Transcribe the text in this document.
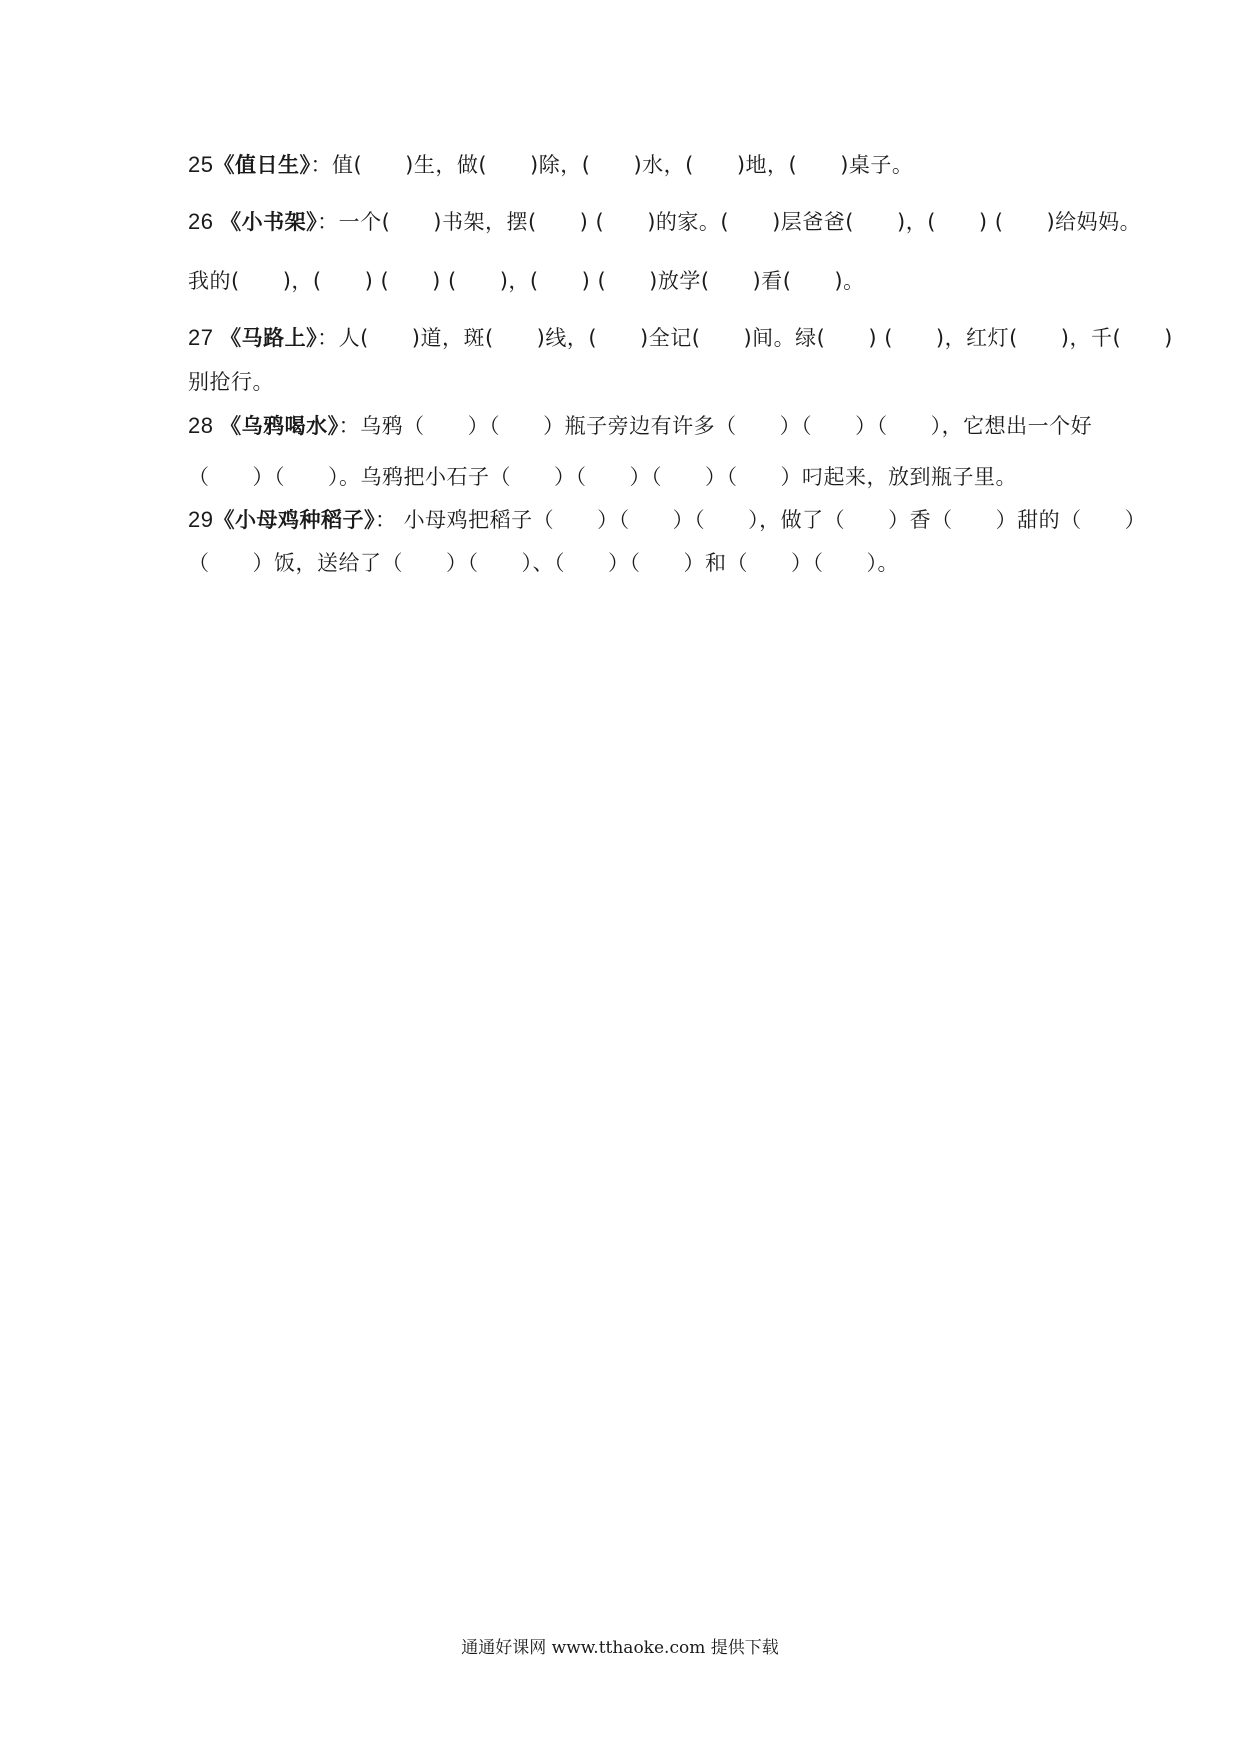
25《值日生》：值(　　)生，做(　　)除，(　　)水，(　　)地，(　　)桌子。
26 《小书架》：一个(　　)书架，摆(　　) (　　)的家。(　　)层爸爸(　　)，(　　) (　　)给妈妈。
我的(　　)，(　　) (　　) (　　)，(　　) (　　)放学(　　)看(　　)。
27 《马路上》：人(　　)道，斑(　　)线，(　　)全记(　　)间。绿(　　) (　　)，红灯(　　)，千(　　)
别抢行。
28 《乌鸦喝水》：乌鸦（　　）（　　）瓶子旁边有许多（　　）（　　）（　　），它想出一个好
（　　）（　　）。乌鸦把小石子（　　）（　　）（　　）（　　）叼起来，放到瓶子里。
29《小母鸡种稻子》： 小母鸡把稻子（　　）（　　）（　　），做了（　　）香（　　）甜的（　　）
（　　）饭，送给了（　　）（　　）、（　　）（　　）和（　　）（　　）。
通通好课网 www.tthaoke.com 提供下载
